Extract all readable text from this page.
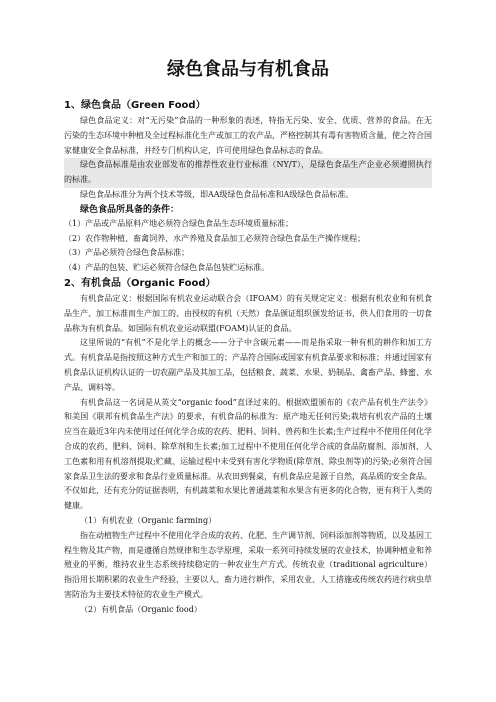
绿色食品与有机食品
1、绿色食品（Green Food）

绿色食品定义：对“无污染”食品的一种形象的表述，特指无污染、安全、优质、营养的食品。在无污染的生态环境中种植及全过程标准化生产或加工的农产品，严格控制其有毒有害物质含量，使之符合国家健康安全食品标准，并经专门机构认定，许可使用绿色食品标志的食品。

绿色食品标准是由农业部发布的推荐性农业行业标准（NY/T），是绿色食品生产企业必须遵照执行的标准。

绿色食品标准分为两个技术等级，即AA级绿色食品标准和A级绿色食品标准。

绿色食品所具备的条件：
（1）产品或产品原料产地必须符合绿色食品生态环境质量标准；
（2）农作物种植、畜禽饲养、水产养殖及食品加工必须符合绿色食品生产操作规程；
（3）产品必须符合绿色食品标准；
（4）产品的包装、贮运必须符合绿色食品包装贮运标准。
2、有机食品（Organic Food）

有机食品定义：根据国际有机农业运动联合会（IFOAM）的有关规定定义：根据有机农业和有机食品生产、加工标准而生产加工的、由授权的有机（天然）食品颁证组织颁发给证书，供人们食用的一切食品称为有机食品。如国际有机农业运动联盟(FOAM)认证的食品。

这里所说的“有机”不是化学上的概念——分子中含碳元素——而是指采取一种有机的耕作和加工方式。有机食品是指按照这种方式生产和加工的；产品符合国际或国家有机食品要求和标准；并通过国家有机食品认证机构认证的一切农副产品及其加工品，包括粮食、蔬菜、水果、奶制品、禽畜产品、蜂蜜、水产品、调料等。

有机食品这一名词是从英文“organic food”直译过来的。根据欧盟颁布的《农产品有机生产法令》和美国《联邦有机食品生产法》的要求，有机食品的标准为：原产地无任何污染;栽培有机农产品的土壤应当在最近3年内未使用过任何化学合成的农药、肥料、饲料、兽药和生长素;生产过程中不使用任何化学合成的农药、肥料、饲料、除草剂和生长素;加工过程中不使用任何化学合成的食品防腐剂、添加剂、人工色素和用有机溶剂提取;贮藏、运输过程中未受到有害化学物质(除草剂、除虫剂等)的污染;必须符合国家食品卫生法的要求和食品行业质量标准。从农田到餐桌，有机食品应是源于自然，高品质的安全食品。不仅如此，还有充分的证据表明，有机蔬菜和水果比普通蔬菜和水果含有更多的化合物，更有利于人类的健康。

（1）有机农业（Organic farming）

指在动植物生产过程中不使用化学合成的农药、化肥、生产调节剂、饲料添加剂等物质，以及基因工程生物及其产物，而是遵循自然规律和生态学原理，采取一系列可持续发展的农业技术，协调种植业和养殖业的平衡，维持农业生态系统持续稳定的一种农业生产方式。传统农业（traditional agriculture）指沿用长期积累的农业生产经验，主要以人、畜力进行耕作，采用农业、人工措施或传统农药进行病虫草害防治为主要技术特征的农业生产模式。

（2）有机食品（Organic food）
